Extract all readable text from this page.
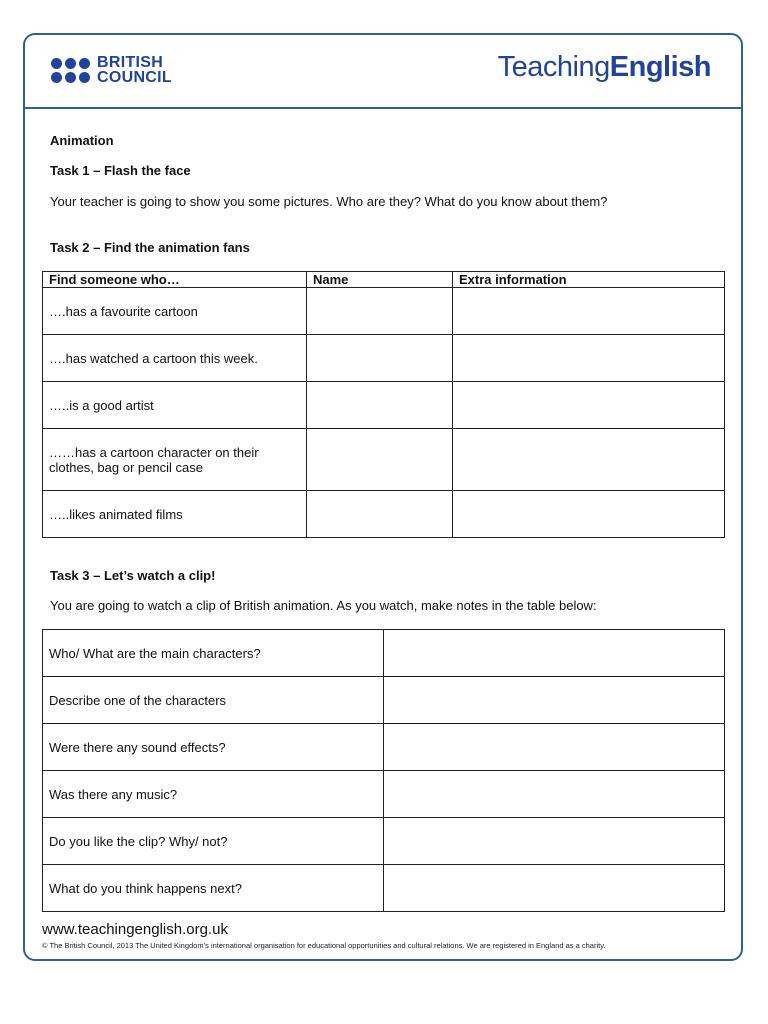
BRITISH
COUNCIL	TeachingEnglish

Animation

Task 1 – Flash the face

Your teacher is going to show you some pictures. Who are they? What do you know about them?

Task 2 – Find the animation fans

Find someone who…	Name	Extra information
….has a favourite cartoon		
….has watched a cartoon this week.		
…..is a good artist		
……has a cartoon character on their clothes, bag or pencil case		
…..likes animated films		

Task 3 – Let’s watch a clip!

You are going to watch a clip of British animation. As you watch, make notes in the table below:

Who/ What are the main characters?	
Describe one of the characters	
Were there any sound effects?	
Was there any music?	
Do you like the clip? Why/ not?	
What do you think happens next?	
www.teachingenglish.org.uk
© The British Council, 2013 The United Kingdom’s international organisation for educational opportunities and cultural relations. We are registered in England as a charity.
